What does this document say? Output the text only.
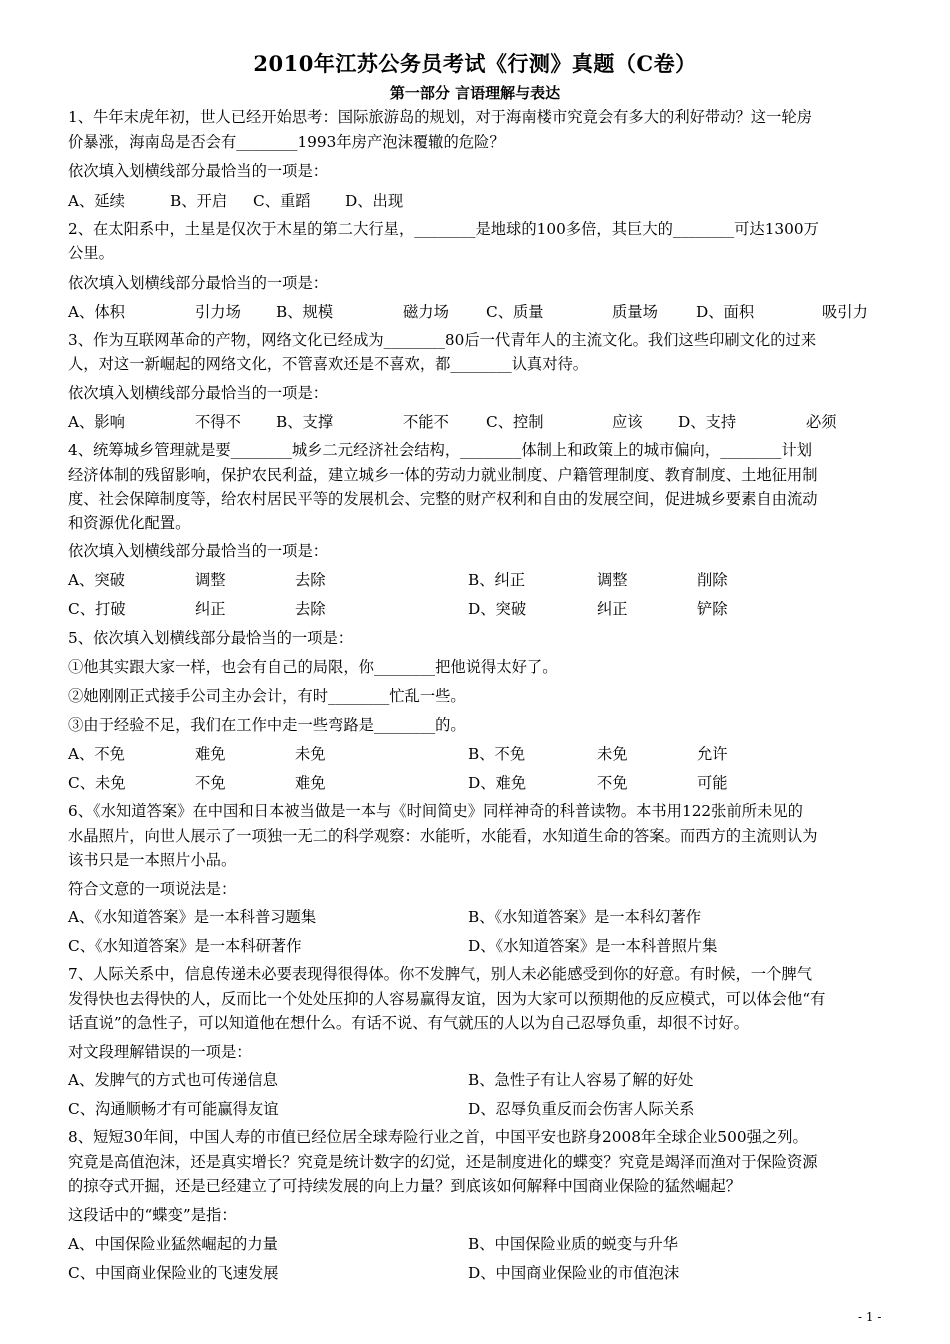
2010年江苏公务员考试《行测》真题（C卷）
第一部分 言语理解与表达
1、牛年末虎年初，世人已经开始思考：国际旅游岛的规划，对于海南楼市究竟会有多大的利好带动？这一轮房
价暴涨，海南岛是否会有________1993年房产泡沫覆辙的危险？
依次填入划横线部分最恰当的一项是：
A、延续	B、开启 C、重蹈 D、出现
2、在太阳系中，土星是仅次于木星的第二大行星，________是地球的100多倍，其巨大的________可达1300万
公里。
依次填入划横线部分最恰当的一项是：
A、体积	引力场 B、规模	磁力场 C、质量	质量场 D、面积	吸引力
3、作为互联网革命的产物，网络文化已经成为________80后一代青年人的主流文化。我们这些印刷文化的过来
人，对这一新崛起的网络文化，不管喜欢还是不喜欢，都________认真对待。
依次填入划横线部分最恰当的一项是：
A、影响	不得不 B、支撑	不能不 C、控制	应该 D、支持	必须
4、统筹城乡管理就是要________城乡二元经济社会结构，________体制上和政策上的城市偏向，________计划
经济体制的残留影响，保护农民利益，建立城乡一体的劳动力就业制度、户籍管理制度、教育制度、土地征用制
度、社会保障制度等，给农村居民平等的发展机会、完整的财产权利和自由的发展空间，促进城乡要素自由流动
和资源优化配置。
依次填入划横线部分最恰当的一项是：
A、突破	调整	去除	B、纠正	调整	削除
C、打破	纠正	去除	D、突破	纠正	铲除
5、依次填入划横线部分最恰当的一项是：
①他其实跟大家一样，也会有自己的局限，你________把他说得太好了。
②她刚刚正式接手公司主办会计，有时________忙乱一些。
③由于经验不足，我们在工作中走一些弯路是________的。
A、不免	难免	未免	B、不免	未免	允许
C、未免	不免	难免	D、难免	不免	可能
6、《水知道答案》在中国和日本被当做是一本与《时间简史》同样神奇的科普读物。本书用122张前所未见的
水晶照片，向世人展示了一项独一无二的科学观察：水能听，水能看，水知道生命的答案。而西方的主流则认为
该书只是一本照片小品。
符合文意的一项说法是：
A、《水知道答案》是一本科普习题集	B、《水知道答案》是一本科幻著作
C、《水知道答案》是一本科研著作	D、《水知道答案》是一本科普照片集
7、人际关系中，信息传递未必要表现得很得体。你不发脾气，别人未必能感受到你的好意。有时候，一个脾气
发得快也去得快的人，反而比一个处处压抑的人容易赢得友谊，因为大家可以预期他的反应模式，可以体会他“有
话直说”的急性子，可以知道他在想什么。有话不说、有气就压的人以为自己忍辱负重，却很不讨好。
对文段理解错误的一项是：
A、发脾气的方式也可传递信息	B、急性子有让人容易了解的好处
C、沟通顺畅才有可能赢得友谊	D、忍辱负重反而会伤害人际关系
8、短短30年间，中国人寿的市值已经位居全球寿险行业之首，中国平安也跻身2008年全球企业500强之列。
究竟是高值泡沫，还是真实增长？究竟是统计数字的幻觉，还是制度进化的蝶变？究竟是竭泽而渔对于保险资源
的掠夺式开掘，还是已经建立了可持续发展的向上力量？到底该如何解释中国商业保险的猛然崛起？
这段话中的“蝶变”是指：
A、中国保险业猛然崛起的力量	B、中国保险业质的蜕变与升华
C、中国商业保险业的飞速发展	D、中国商业保险业的市值泡沫
- 1 -
